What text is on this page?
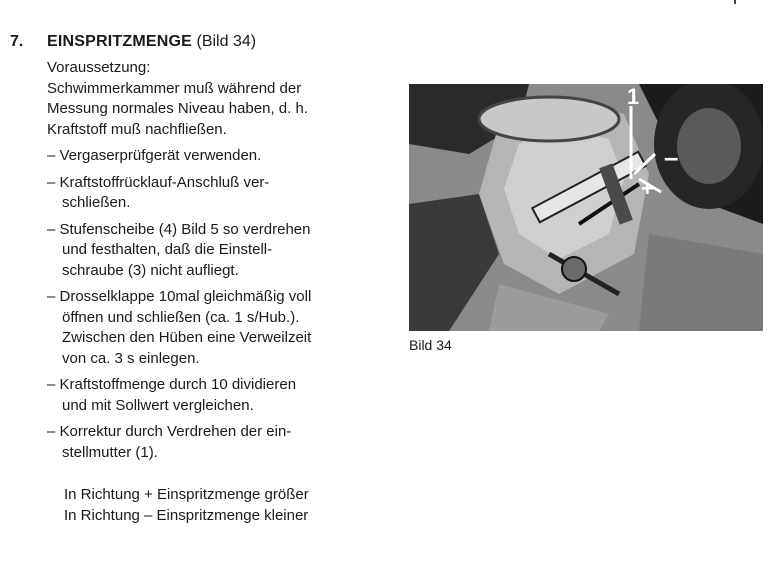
7. EINSPRITZMENGE (Bild 34)
Voraussetzung:
Schwimmerkammer muß während der
Messung normales Niveau haben, d. h.
Kraftstoff muß nachfließen.
– Vergaserprüfgerät verwenden.
– Kraftstoffrücklauf-Anschluß ver-
schließen.
– Stufenscheibe (4) Bild 5 so verdrehen
und festhalten, daß die Einstell-
schraube (3) nicht aufliegt.
– Drosselklappe 10mal gleichmäßig voll
öffnen und schließen (ca. 1 s/Hub.).
Zwischen den Hüben eine Verweilzeit
von ca. 3 s einlegen.
– Kraftstoffmenge durch 10 dividieren
und mit Sollwert vergleichen.
– Korrektur durch Verdrehen der ein-
stellmutter (1).
In Richtung + Einspritzmenge größer
In Richtung – Einspritzmenge kleiner
1
–
+
Bild 34
